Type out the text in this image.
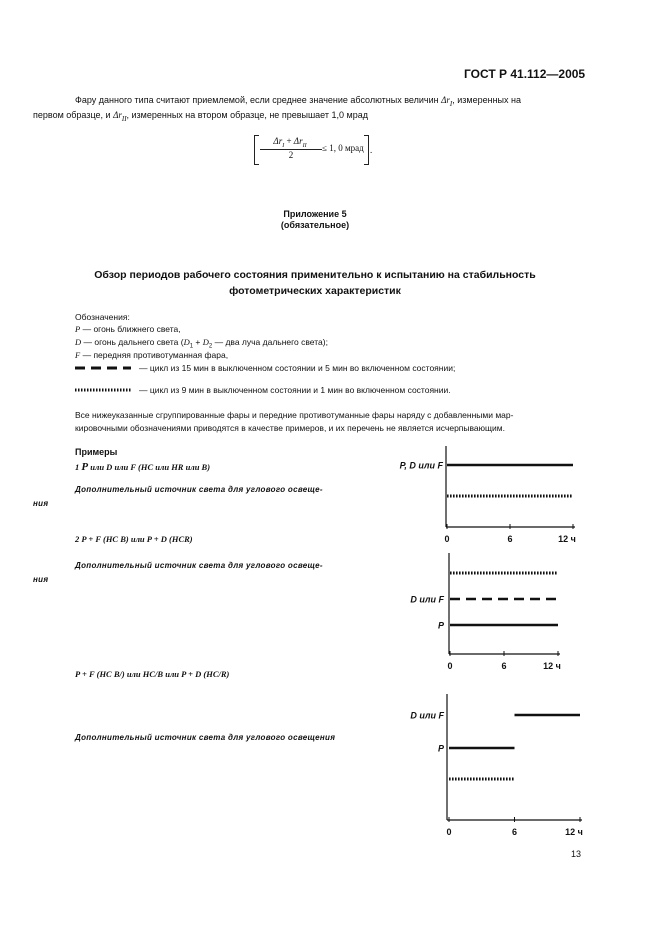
ГОСТ Р 41.112—2005
Фару данного типа считают приемлемой, если среднее значение абсолютных величин $\Delta r_I$, измеренных на
первом образце, и $\Delta r_{II}$, измеренных на втором образце, не превышает 1,0 мрад
$\Delta r_I + \Delta r_{II}$
2
≤ 1, 0 мрад .
Приложение 5
(обязательное)
Обзор периодов рабочего состояния применительно к испытанию на стабильность
фотометрических характеристик
Обозначения:
P — огонь ближнего света,
D — огонь дальнего света ($D_1 + D_2$ — два луча дальнего света);
F — передняя противотуманная фара,
— цикл из 15 мин в выключенном состоянии и 5 мин во включенном состоянии;
— цикл из 9 мин в выключенном состоянии и 1 мин во включенном состоянии.
Все нижеуказанные сгруппированные фары и передние противотуманные фары наряду с добавленными мар-
кировочными обозначениями приводятся в качестве примеров, и их перечень не является исчерпывающим.
Примеры
1 P или D или F (HC или HR или B)
Дополнительный источник света для углового освеще-
ния
2 P + F (HC B) или P + D (HCR)
Дополнительный источник света для углового освеще-
ния
P + F (HC B/) или HC/B или P + D (HC/R)
Дополнительный источник света для углового освещения
0	6	12 ч
P, D или F
0	6	12 ч
D или F
P
0	6	12 ч
D или F
P
13
